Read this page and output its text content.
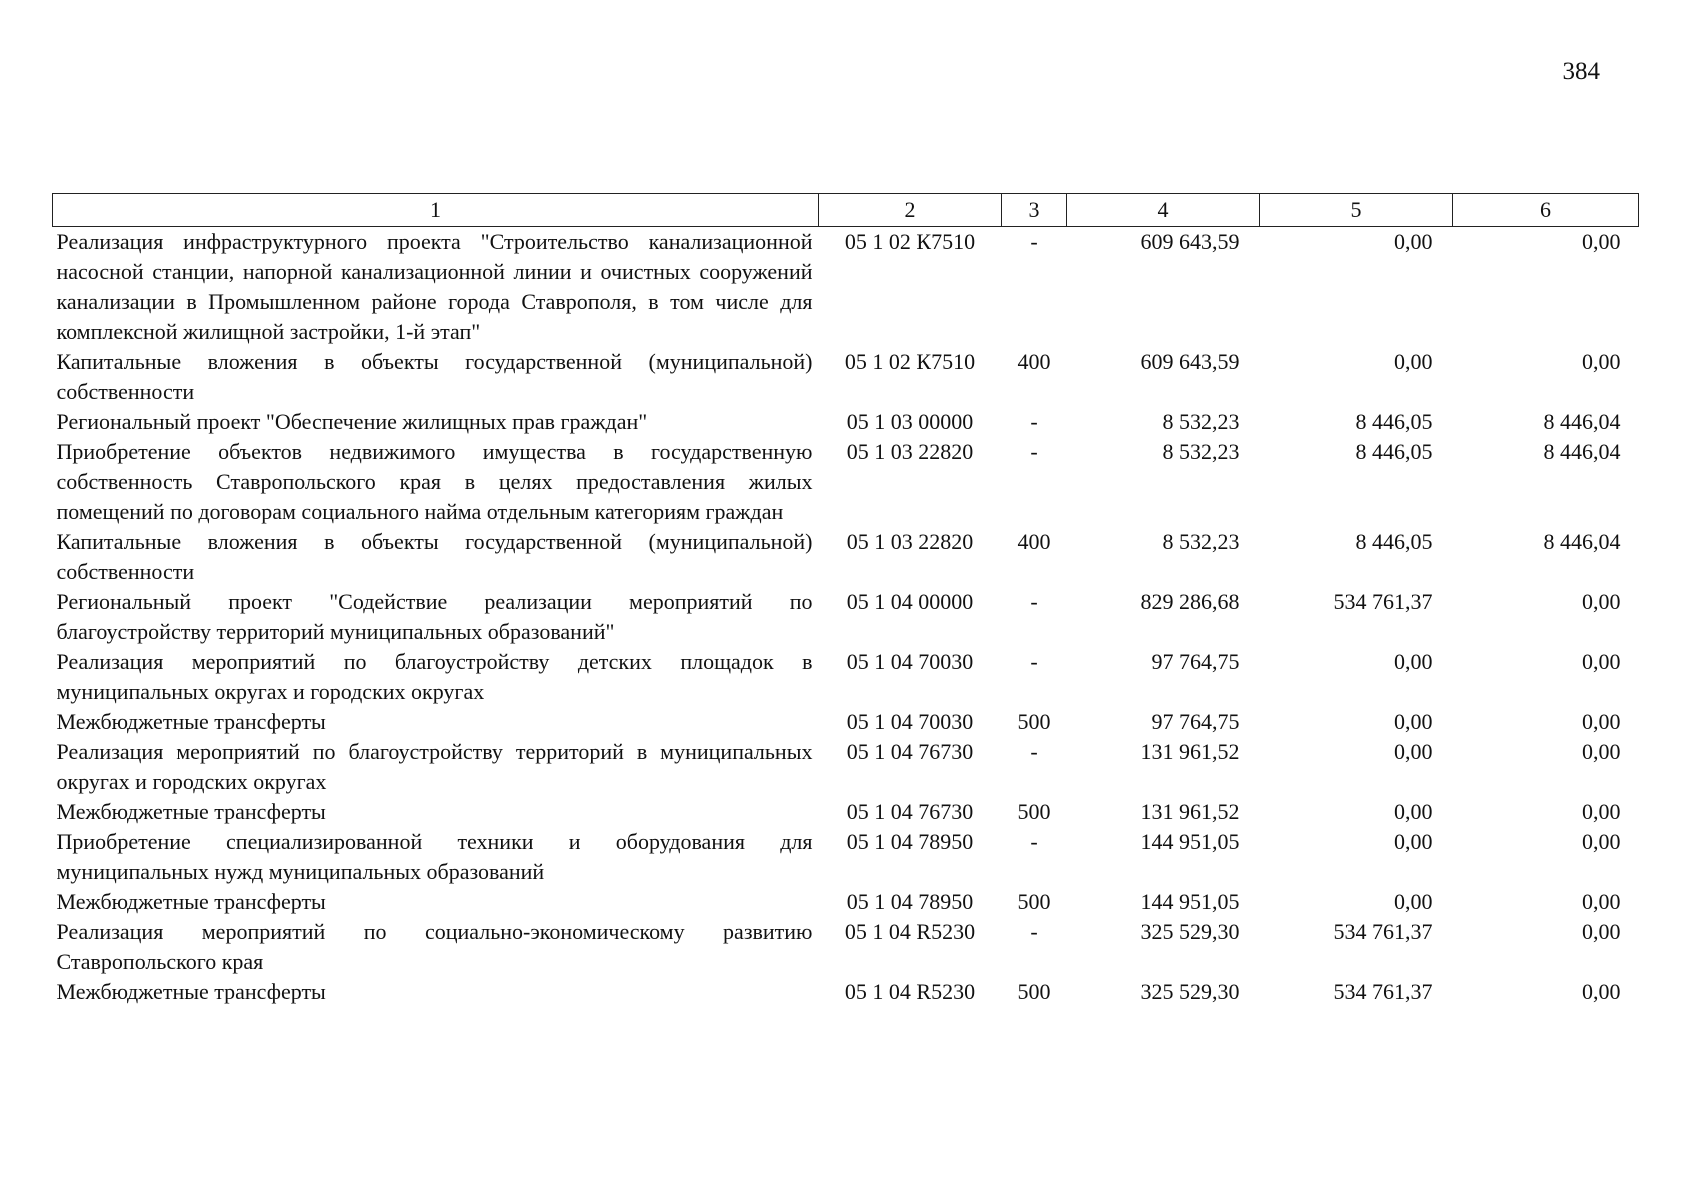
384
1	2	3	4	5	6
Реализация инфраструктурного проекта "Строительство канализационной насосной станции, напорной канализационной линии и очистных сооружений канализации в Промышленном районе города Ставрополя, в том числе для комплексной жилищной застройки, 1-й этап"	05 1 02 К7510	-	609 643,59	0,00	0,00
Капитальные вложения в объекты государственной (муниципальной) собственности	05 1 02 К7510	400	609 643,59	0,00	0,00
Региональный проект "Обеспечение жилищных прав граждан"	05 1 03 00000	-	8 532,23	8 446,05	8 446,04
Приобретение объектов недвижимого имущества в государственную собственность Ставропольского края в целях предоставления жилых помещений по договорам социального найма отдельным категориям граждан	05 1 03 22820	-	8 532,23	8 446,05	8 446,04
Капитальные вложения в объекты государственной (муниципальной) собственности	05 1 03 22820	400	8 532,23	8 446,05	8 446,04
Региональный проект "Содействие реализации мероприятий по благоустройству территорий муниципальных образований"	05 1 04 00000	-	829 286,68	534 761,37	0,00
Реализация мероприятий по благоустройству детских площадок в муниципальных округах и городских округах	05 1 04 70030	-	97 764,75	0,00	0,00
Межбюджетные трансферты	05 1 04 70030	500	97 764,75	0,00	0,00
Реализация мероприятий по благоустройству территорий в муниципальных округах и городских округах	05 1 04 76730	-	131 961,52	0,00	0,00
Межбюджетные трансферты	05 1 04 76730	500	131 961,52	0,00	0,00
Приобретение специализированной техники и оборудования для муниципальных нужд муниципальных образований	05 1 04 78950	-	144 951,05	0,00	0,00
Межбюджетные трансферты	05 1 04 78950	500	144 951,05	0,00	0,00
Реализация мероприятий по социально-экономическому развитию Ставропольского края	05 1 04 R5230	-	325 529,30	534 761,37	0,00
Межбюджетные трансферты	05 1 04 R5230	500	325 529,30	534 761,37	0,00
